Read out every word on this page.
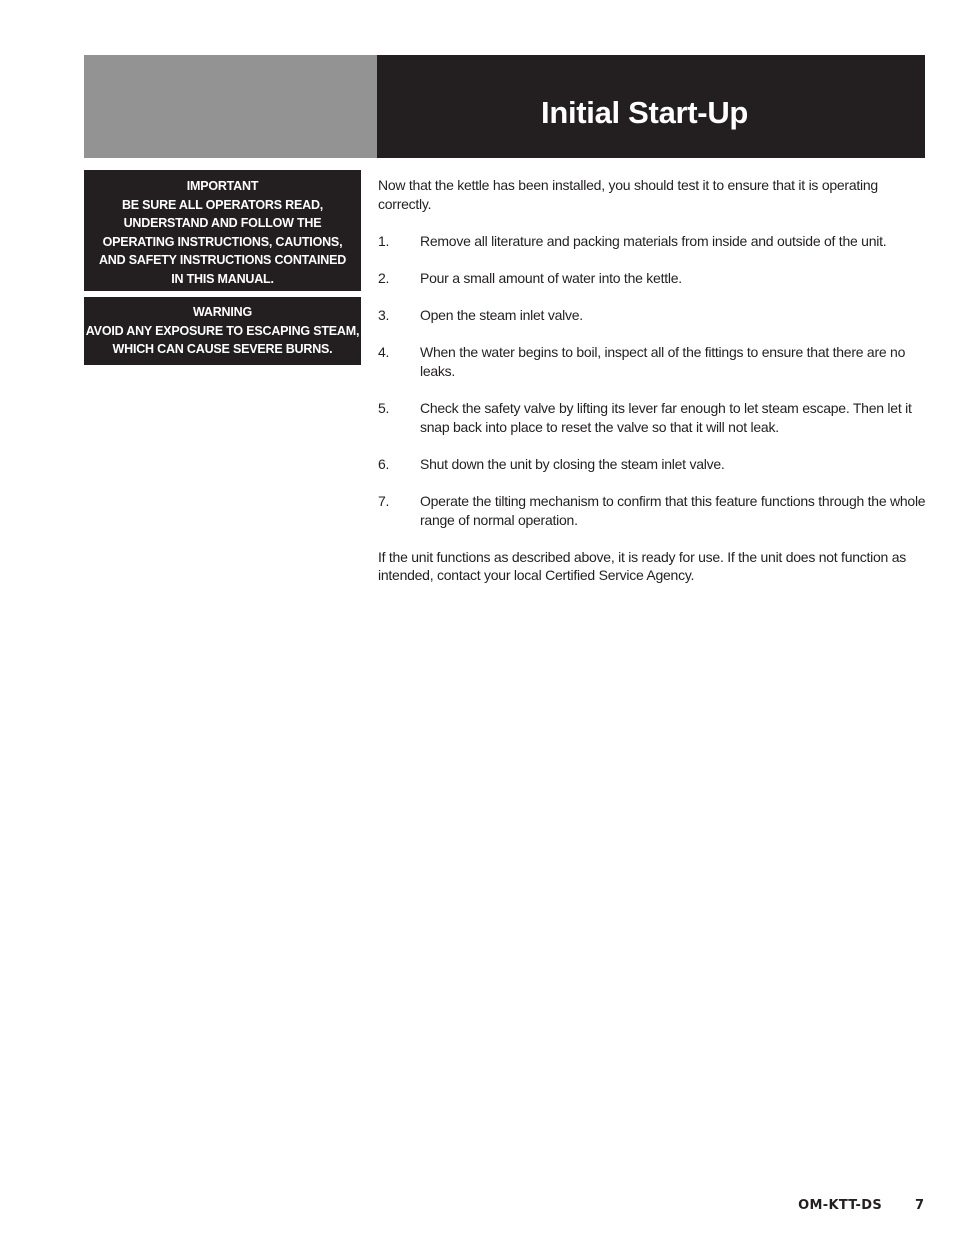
Initial Start-Up
IMPORTANT
BE SURE ALL OPERATORS READ,
UNDERSTAND AND FOLLOW THE
OPERATING INSTRUCTIONS, CAUTIONS,
AND SAFETY INSTRUCTIONS CONTAINED
IN THIS MANUAL.
WARNING
AVOID ANY EXPOSURE TO ESCAPING STEAM,
WHICH CAN CAUSE SEVERE BURNS.

Now that the kettle has been installed, you should test it to ensure that it is operating correctly.

1. Remove all literature and packing materials from inside and outside of the unit.
2. Pour a small amount of water into the kettle.
3. Open the steam inlet valve.
4. When the water begins to boil, inspect all of the fittings to ensure that there are no leaks.
5. Check the safety valve by lifting its lever far enough to let steam escape. Then let it snap back into place to reset the valve so that it will not leak.
6. Shut down the unit by closing the steam inlet valve.
7. Operate the tilting mechanism to confirm that this feature functions through the whole range of normal operation.

If the unit functions as described above, it is ready for use. If the unit does not function as intended, contact your local Certified Service Agency.

OM-KTT-DS	7
